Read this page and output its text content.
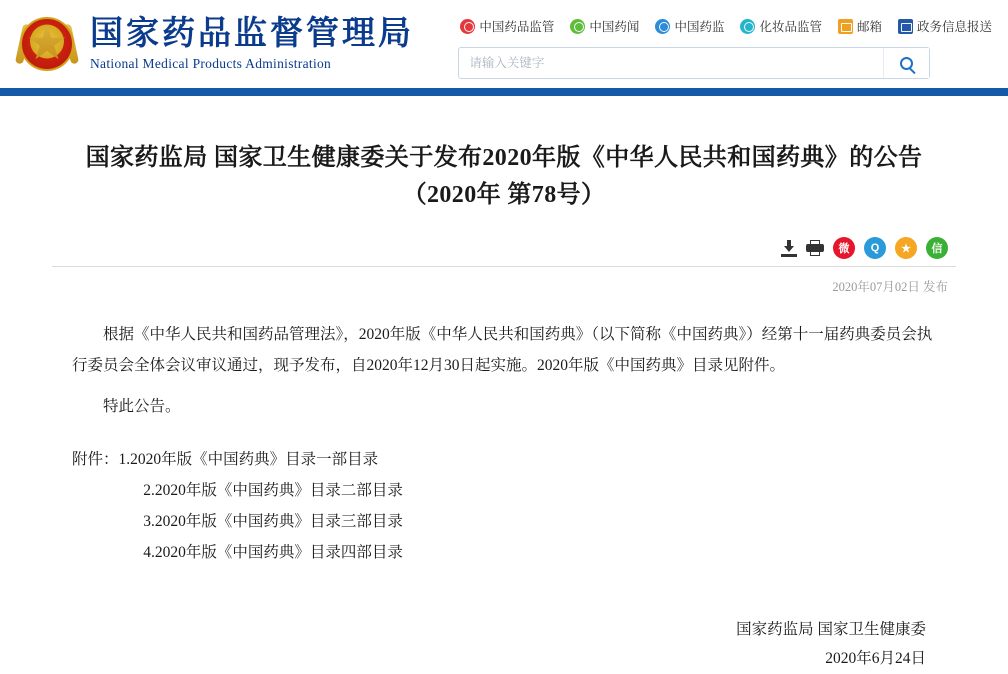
国家药品监督管理局
National Medical Products Administration
中国药品监管	中国药闻	中国药监	化妆品监管	邮箱	政务信息报送
请输入关键字
国家药监局 国家卫生健康委关于发布2020年版《中华人民共和国药典》的公告（2020年 第78号）
微	Q	★	信
2020年07月02日 发布
根据《中华人民共和国药品管理法》，2020年版《中华人民共和国药典》（以下简称《中国药典》）经第十一届药典委员会执行委员会全体会议审议通过，现予发布，自2020年12月30日起实施。2020年版《中国药典》目录见附件。
特此公告。
附件： 1.2020年版《中国药典》目录一部目录
2.2020年版《中国药典》目录二部目录
3.2020年版《中国药典》目录三部目录
4.2020年版《中国药典》目录四部目录
国家药监局 国家卫生健康委
2020年6月24日
